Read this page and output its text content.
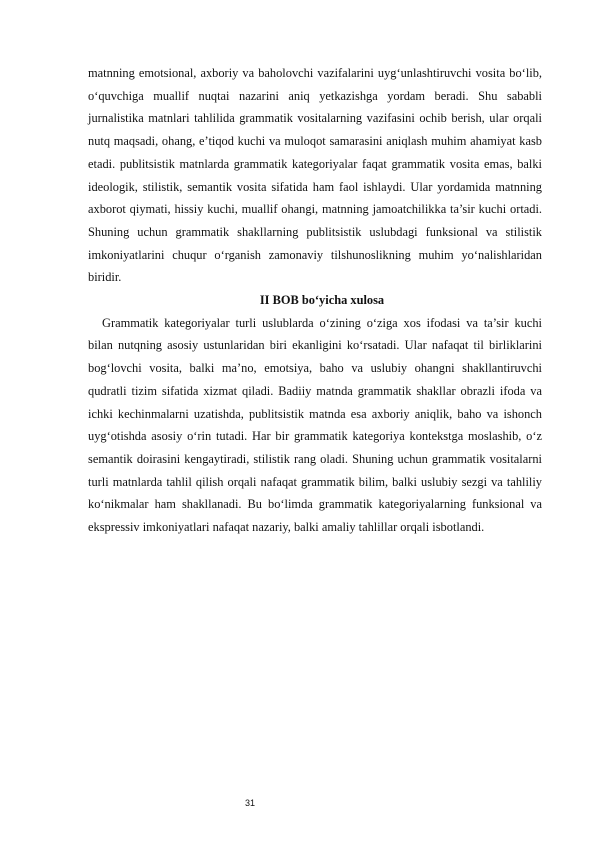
matnning emotsional, axboriy va baholovchi vazifalarini uyg‘unlashtiruvchi vosita bo‘lib, o‘quvchiga muallif nuqtai nazarini aniq yetkazishga yordam beradi. Shu sababli jurnalistika matnlari tahlilida grammatik vositalarning vazifasini ochib berish, ular orqali nutq maqsadi, ohang, e’tiqod kuchi va muloqot samarasini aniqlash muhim ahamiyat kasb etadi. publitsistik matnlarda grammatik kategoriyalar faqat grammatik vosita emas, balki ideologik, stilistik, semantik vosita sifatida ham faol ishlaydi. Ular yordamida matnning axborot qiymati, hissiy kuchi, muallif ohangi, matnning jamoatchilikka ta’sir kuchi ortadi. Shuning uchun grammatik shakllarning publitsistik uslubdagi funksional va stilistik imkoniyatlarini chuqur o‘rganish zamonaviy tilshunoslikning muhim yo‘nalishlaridan biridir.

II BOB bo‘yicha xulosa

Grammatik kategoriyalar turli uslublarda o‘zining o‘ziga xos ifodasi va ta’sir kuchi bilan nutqning asosiy ustunlaridan biri ekanligini ko‘rsatadi. Ular nafaqat til birliklarini bog‘lovchi vosita, balki ma’no, emotsiya, baho va uslubiy ohangni shakllantiruvchi qudratli tizim sifatida xizmat qiladi. Badiiy matnda grammatik shakllar obrazli ifoda va ichki kechinmalarni uzatishda, publitsistik matnda esa axboriy aniqlik, baho va ishonch uyg‘otishda asosiy o‘rin tutadi. Har bir grammatik kategoriya kontekstga moslashib, o‘z semantik doirasini kengaytiradi, stilistik rang oladi. Shuning uchun grammatik vositalarni turli matnlarda tahlil qilish orqali nafaqat grammatik bilim, balki uslubiy sezgi va tahliliy ko‘nikmalar ham shakllanadi. Bu bo‘limda grammatik kategoriyalarning funksional va ekspressiv imkoniyatlari nafaqat nazariy, balki amaliy tahlillar orqali isbotlandi.

31
